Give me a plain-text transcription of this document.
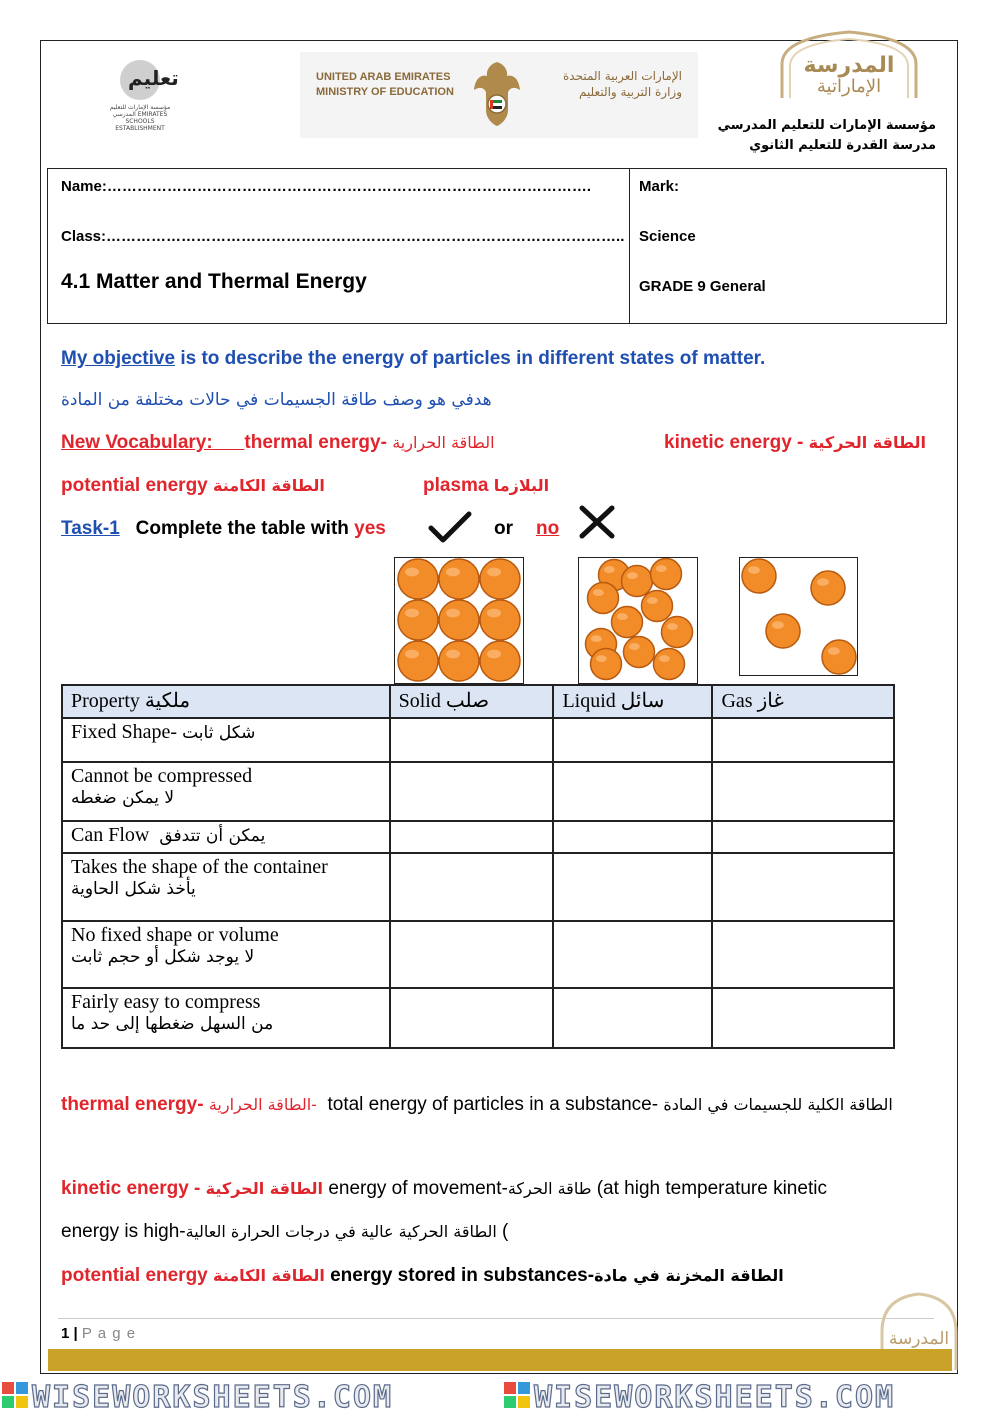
تعليم
مؤسسة الإمارات للتعليم المدرسي EMIRATES SCHOOLS ESTABLISHMENT
UNITED ARAB EMIRATES
MINISTRY OF EDUCATION
الإمارات العربية المتحدة
وزارة التربية والتعليم
المدرسة
الإماراتية
مؤسسة الإمارات للتعليم المدرسي
مدرسة القدرة للتعليم الثانوي
Name:…………………………………………………………………………………….
Class:…………………………………………………………………………………………..
4.1 Matter and Thermal Energy
Mark:
Science
GRADE 9 General
My objective is to describe the energy of particles in different states of matter.
هدفي هو وصف طاقة الجسيمات في حالات مختلفة من المادة
New Vocabulary: thermal energy- الطاقة الحرارية	kinetic energy - الطاقة الحركية
potential energy الطاقة الكامنة	plasma البلازما
Task-1 Complete the table with yes	or no
Property ملكية	Solid صلب	Liquid سائل	Gas غاز
Fixed Shape- شكل ثابت			

Cannot be compressed
لا يمكن ضغطه			

Can Flow يمكن أن تتدفق			

Takes the shape of the container
يأخذ شكل الحاوية			

No fixed shape or volume
لا يوجد شكل أو حجم ثابت			

Fairly easy to compress
من السهل ضغطها إلى حد ما			

thermal energy- الطاقة الحرارية- total energy of particles in a substance- الطاقة الكلية للجسيمات في المادة
kinetic energy - الطاقة الحركية energy of movement-طاقة الحركة (at high temperature kinetic
energy is high-الطاقة الحركية عالية في درجات الحرارة العالية (
potential energy الطاقة الكامنة energy stored in substances-الطاقة المخزنة في مادة
1 | P a g e	المدرسة
WISEWORKSHEETS.COM	WISEWORKSHEETS.COM
